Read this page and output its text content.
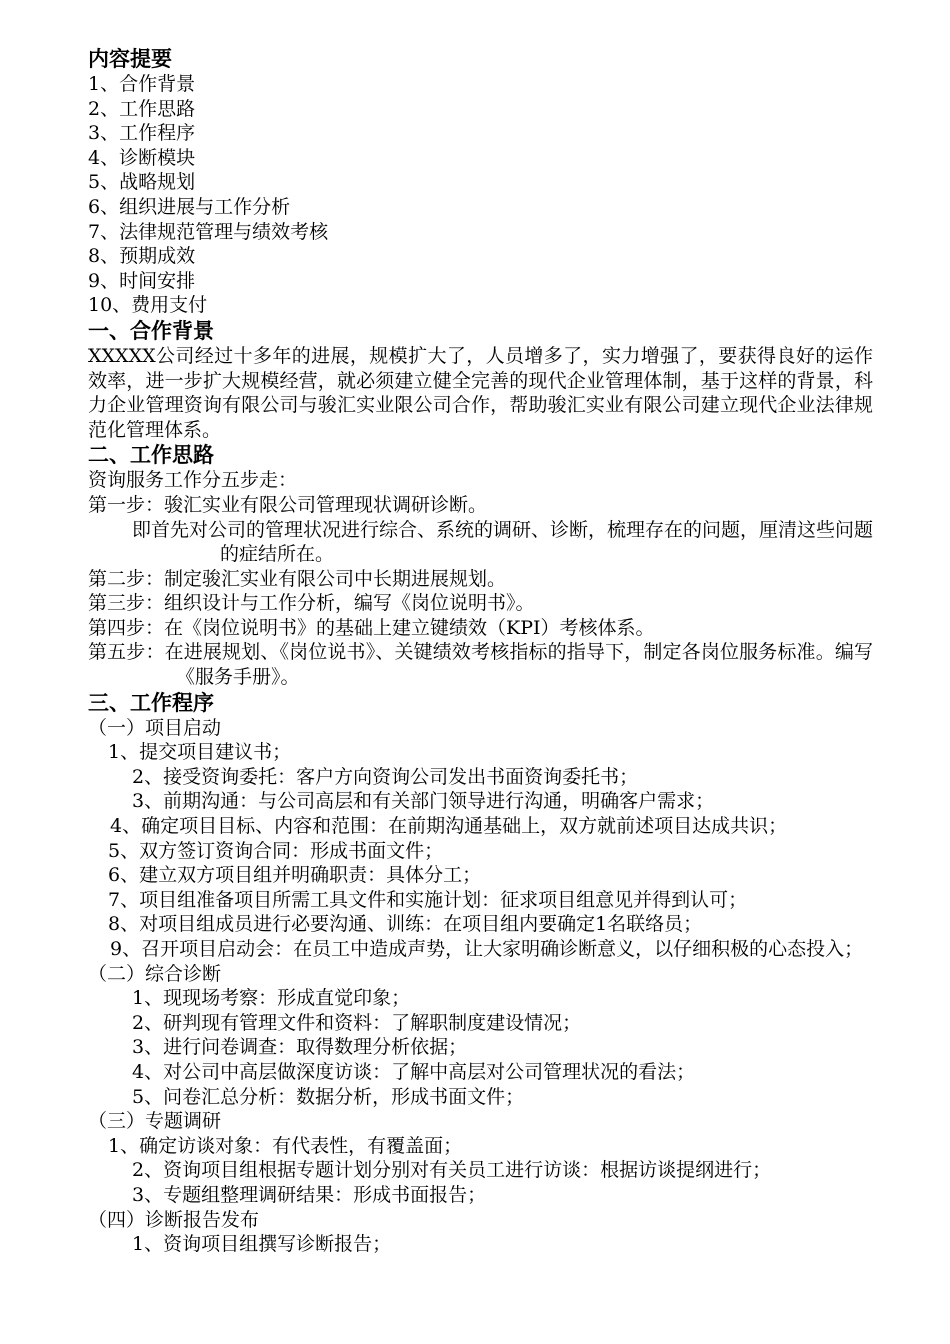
内容提要
1、合作背景
2、工作思路
3、工作程序
4、诊断模块
5、战略规划
6、组织进展与工作分析
7、法律规范管理与绩效考核
8、预期成效
9、时间安排
10、费用支付
一、合作背景
XXXXX公司经过十多年的进展，规模扩大了，人员增多了，实力增强了，要获得良好的运作效率，进一步扩大规模经营，就必须建立健全完善的现代企业管理体制，基于这样的背景，科力企业管理资询有限公司与骏汇实业限公司合作，帮助骏汇实业有限公司建立现代企业法律规范化管理体系。
二、工作思路
资询服务工作分五步走：
第一步：骏汇实业有限公司管理现状调研诊断。
即首先对公司的管理状况进行综合、系统的调研、诊断，梳理存在的问题，厘清这些问题的症结所在。
第二步：制定骏汇实业有限公司中长期进展规划。
第三步：组织设计与工作分析，编写《岗位说明书》。
第四步：在《岗位说明书》的基础上建立键绩效（KPI）考核体系。
第五步：在进展规划、《岗位说书》、关键绩效考核指标的指导下，制定各岗位服务标准。编写《服务手册》。
三、工作程序
（一）项目启动
1、提交项目建议书；
2、接受资询委托：客户方向资询公司发出书面资询委托书；
3、前期沟通：与公司高层和有关部门领导进行沟通，明确客户需求；
4、确定项目目标、内容和范围：在前期沟通基础上，双方就前述项目达成共识；
5、双方签订资询合同：形成书面文件；
6、建立双方项目组并明确职责：具体分工；
7、项目组准备项目所需工具文件和实施计划：征求项目组意见并得到认可；
8、对项目组成员进行必要沟通、训练：在项目组内要确定1名联络员；
9、召开项目启动会：在员工中造成声势，让大家明确诊断意义，以仔细积极的心态投入；
（二）综合诊断
1、现现场考察：形成直觉印象；
2、研判现有管理文件和资料：了解职制度建设情况；
3、进行问卷调查：取得数理分析依据；
4、对公司中高层做深度访谈：了解中高层对公司管理状况的看法；
5、问卷汇总分析：数据分析，形成书面文件；
（三）专题调研
1、确定访谈对象：有代表性，有覆盖面；
2、资询项目组根据专题计划分别对有关员工进行访谈：根据访谈提纲进行；
3、专题组整理调研结果：形成书面报告；
（四）诊断报告发布
1、资询项目组撰写诊断报告；
